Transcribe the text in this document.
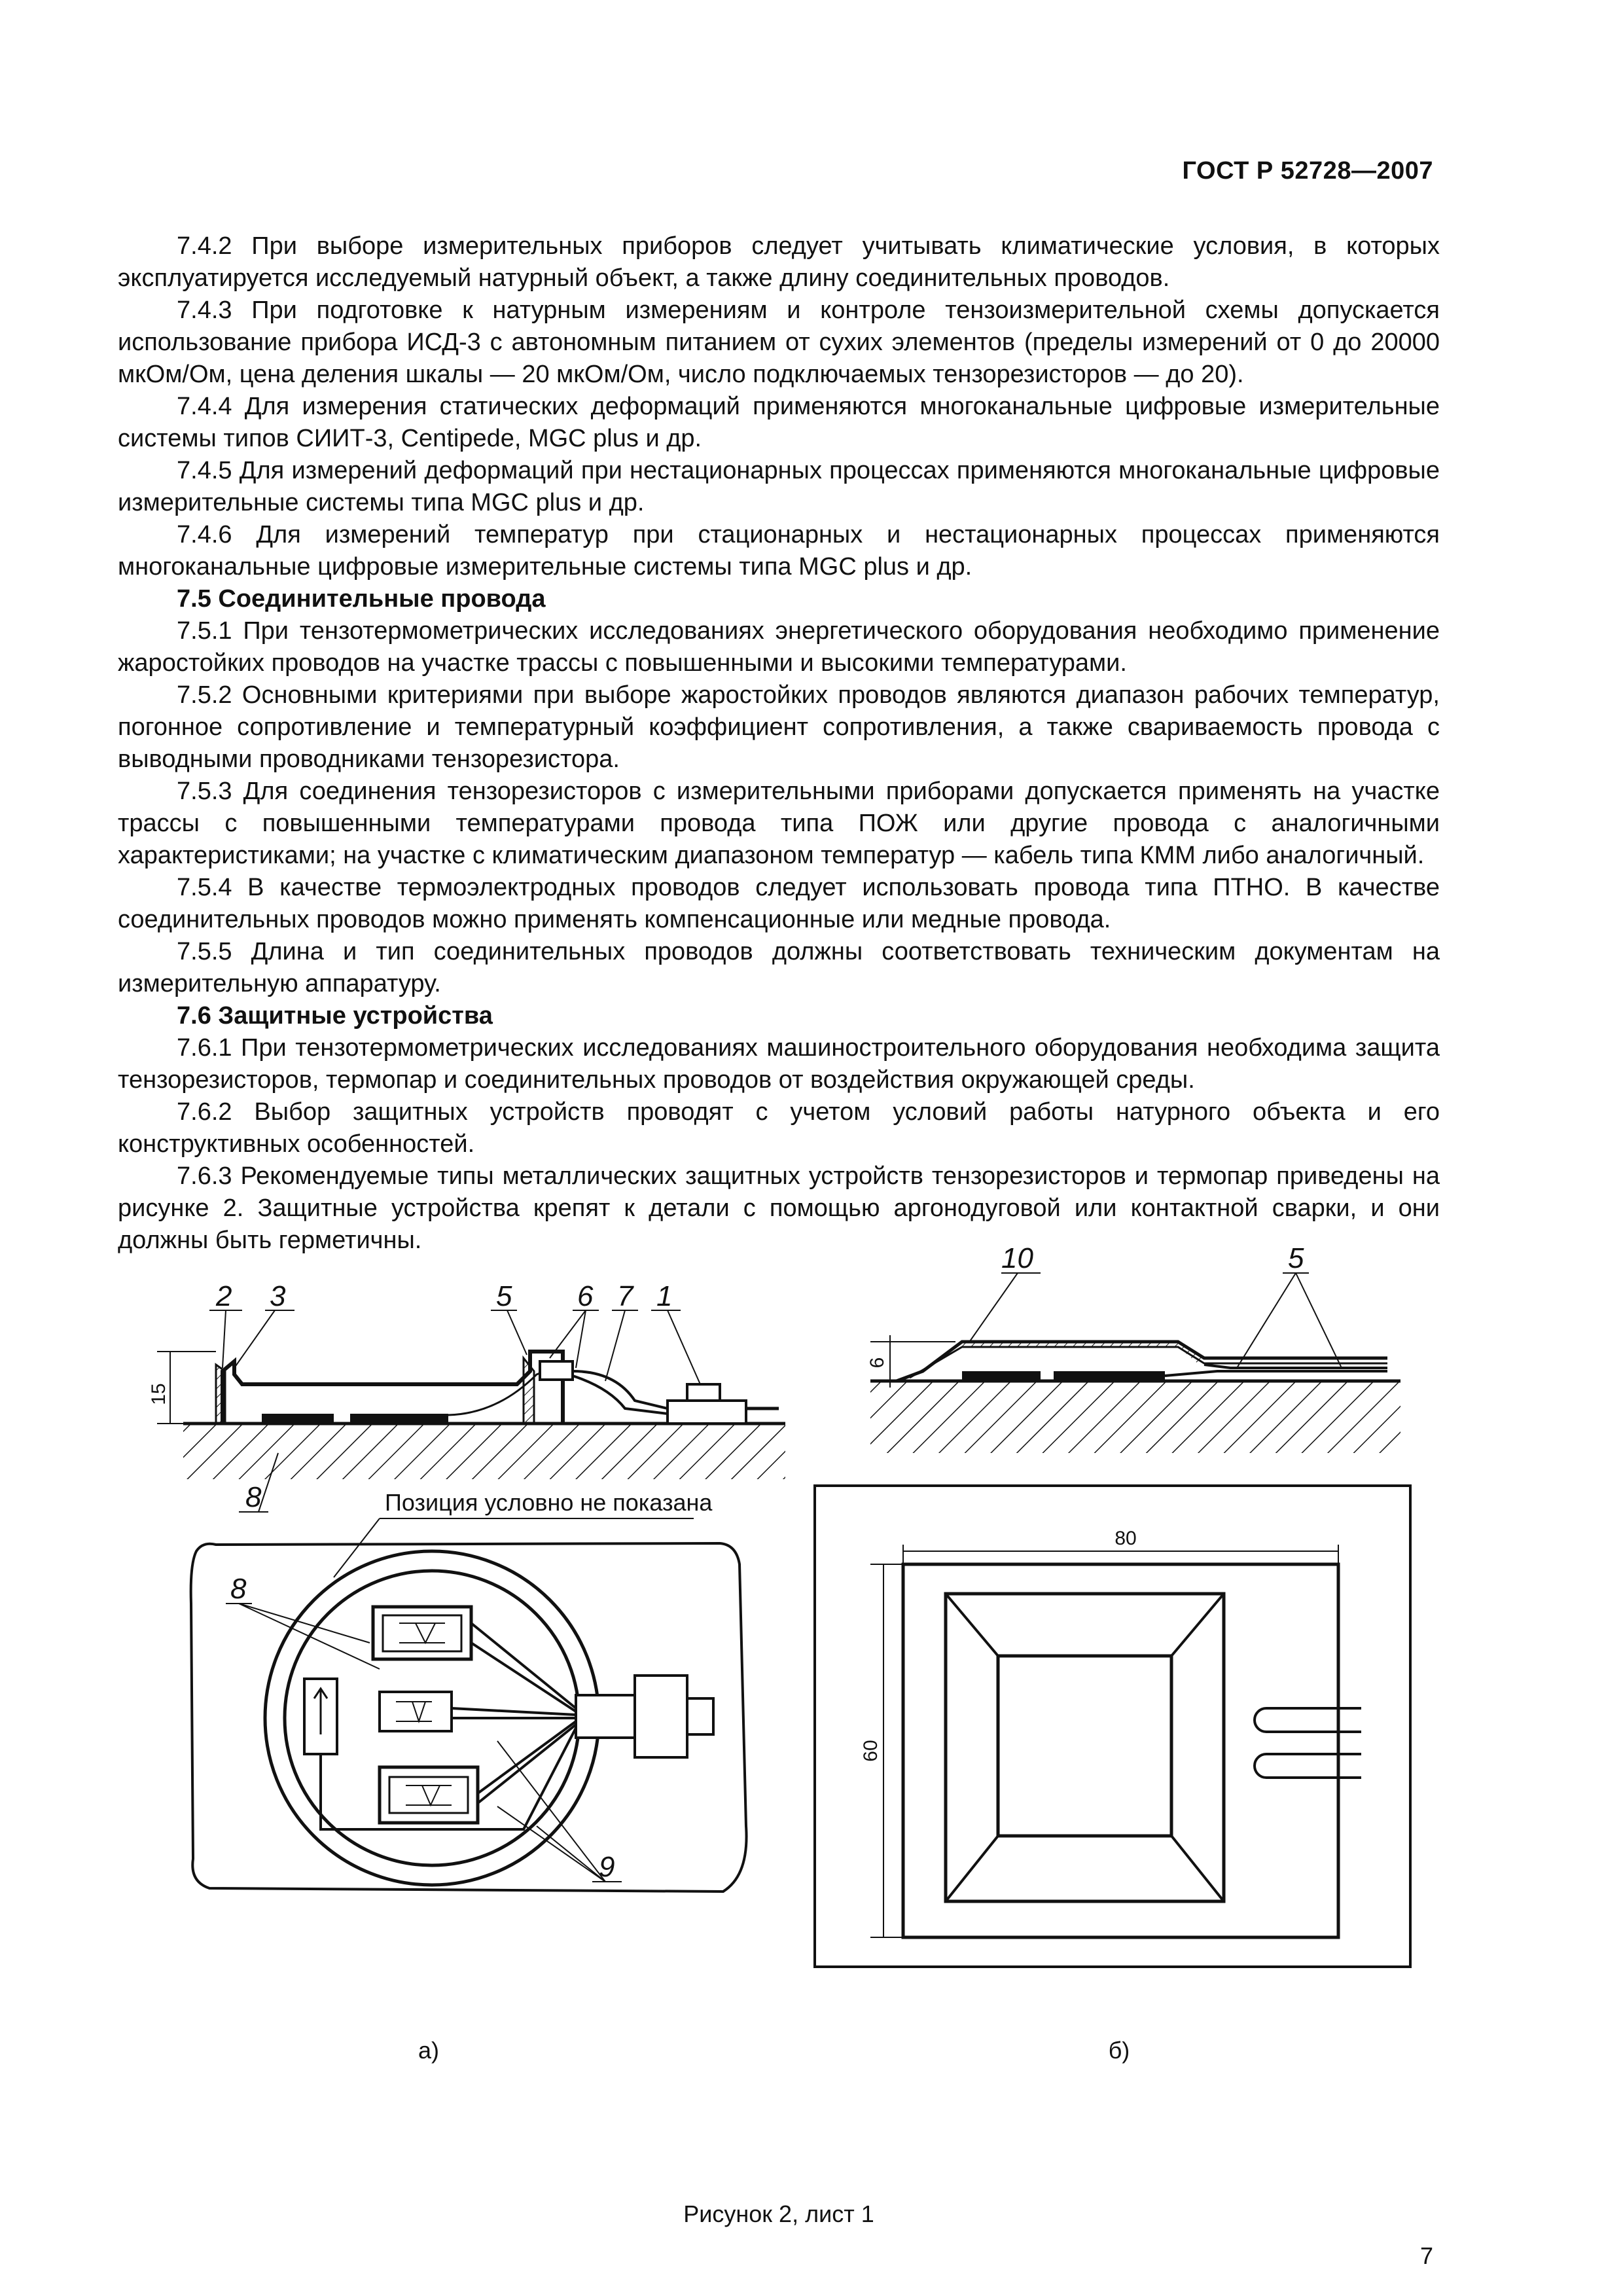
ГОСТ Р 52728—2007

7.4.2 При выборе измерительных приборов следует учитывать климатические условия, в которых эксплуатируется исследуемый натурный объект, а также длину соединительных проводов.

7.4.3 При подготовке к натурным измерениям и контроле тензоизмерительной схемы допускается использование прибора ИСД-3 с автономным питанием от сухих элементов (пределы измерений от 0 до 20000 мкОм/Ом, цена деления шкалы — 20 мкОм/Ом, число подключаемых тензорезисторов — до 20).

7.4.4 Для измерения статических деформаций применяются многоканальные цифровые измерительные системы типов СИИТ-3, Centipede, MGC plus и др.

7.4.5 Для измерений деформаций при нестационарных процессах применяются многоканальные цифровые измерительные системы типа MGC plus и др.

7.4.6 Для измерений температур при стационарных и нестационарных процессах применяются многоканальные цифровые измерительные системы типа MGC plus и др.

7.5 Соединительные провода

7.5.1 При тензотермометрических исследованиях энергетического оборудования необходимо применение жаростойких проводов на участке трассы с повышенными и высокими температурами.

7.5.2 Основными критериями при выборе жаростойких проводов являются диапазон рабочих температур, погонное сопротивление и температурный коэффициент сопротивления, а также свариваемость провода с выводными проводниками тензорезистора.

7.5.3 Для соединения тензорезисторов с измерительными приборами допускается применять на участке трассы с повышенными температурами провода типа ПОЖ или другие провода с аналогичными характеристиками; на участке с климатическим диапазоном температур — кабель типа КММ либо аналогичный.

7.5.4 В качестве термоэлектродных проводов следует использовать провода типа ПТНО. В качестве соединительных проводов можно применять компенсационные или медные провода.

7.5.5 Длина и тип соединительных проводов должны соответствовать техническим документам на измерительную аппаратуру.

7.6 Защитные устройства

7.6.1 При тензотермометрических исследованиях машиностроительного оборудования необходима защита тензорезисторов, термопар и соединительных проводов от воздействия окружающей среды.

7.6.2 Выбор защитных устройств проводят с учетом условий работы натурного объекта и его конструктивных особенностей.

7.6.3 Рекомендуемые типы металлических защитных устройств тензорезисторов и термопар приведены на рисунке 2. Защитные устройства крепят к детали с помощью аргонодуговой или контактной сварки, и они должны быть герметичны.

15
2 3	5 6 7 1
8	Позиция условно не показана
8
9
а)
6
10	5
80
60
б)
Рисунок 2, лист 1
7
